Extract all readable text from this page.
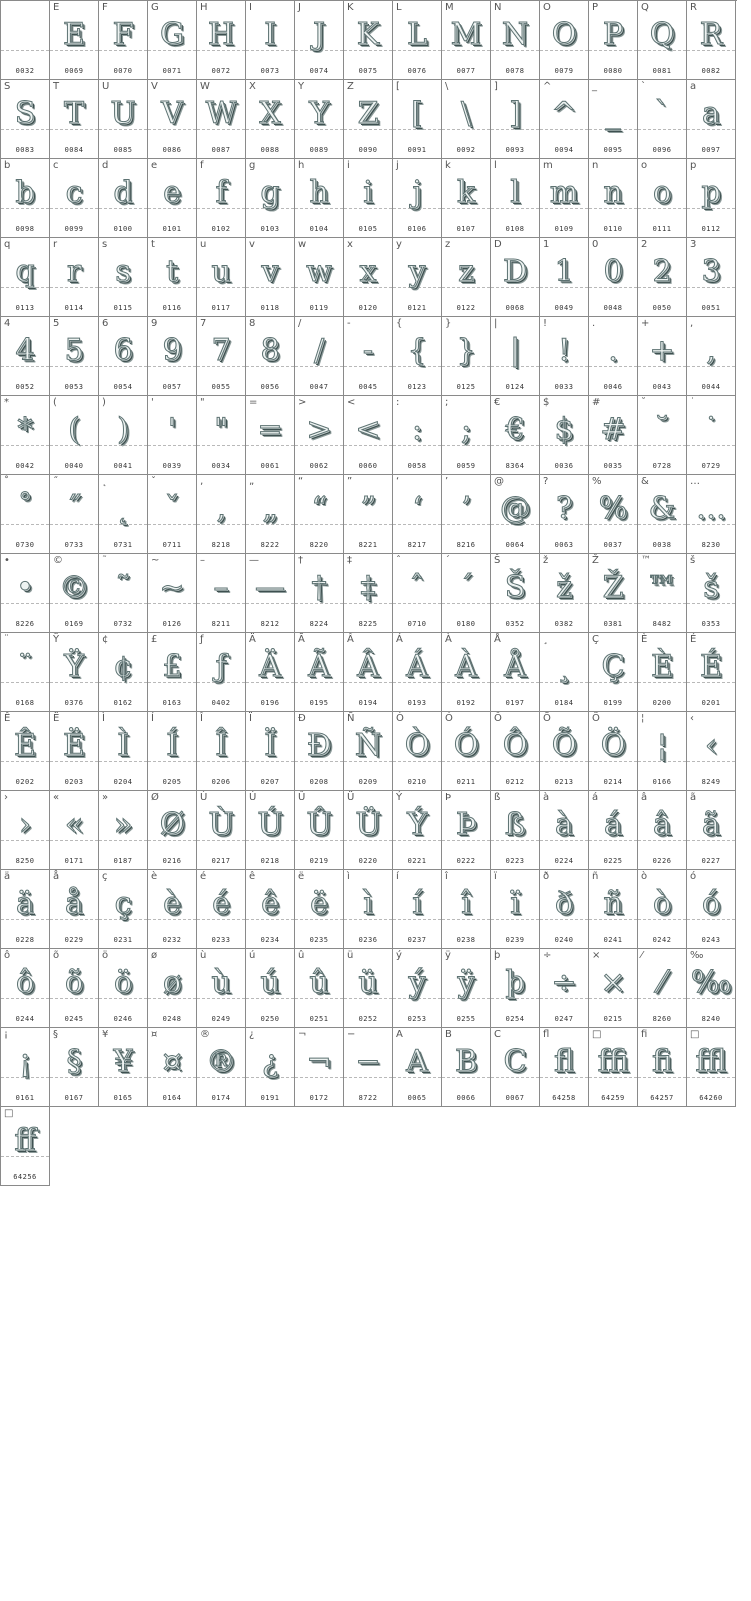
0032
E
E
0069
F
F
0070
G
G
0071
H
H
0072
I
I
0073
J
J
0074
K
K
0075
L
L
0076
M
M
0077
N
N
0078
O
O
0079
P
P
0080
Q
Q
0081
R
R
0082
S
S
0083
T
T
0084
U
U
0085
V
V
0086
W
W
0087
X
X
0088
Y
Y
0089
Z
Z
0090
[
[
0091
\
\
0092
]
]
0093
^
^
0094
_
_
0095
`
`
0096
a
a
0097
b
b
0098
c
c
0099
d
d
0100
e
e
0101
f
f
0102
g
g
0103
h
h
0104
i
i
0105
j
j
0106
k
k
0107
l
l
0108
m
m
0109
n
n
0110
o
o
0111
p
p
0112
q
q
0113
r
r
0114
s
s
0115
t
t
0116
u
u
0117
v
v
0118
w
w
0119
x
x
0120
y
y
0121
z
z
0122
D
D
0068
1
1
0049
0
0
0048
2
2
0050
3
3
0051
4
4
0052
5
5
0053
6
6
0054
9
9
0057
7
7
0055
8
8
0056
/
/
0047
-
-
0045
{
{
0123
}
}
0125
|
|
0124
!
!
0033
.
.
0046
+
+
0043
,
,
0044
*
*
0042
(
(
0040
)
)
0041
'
'
0039
"
"
0034
=
=
0061
>
>
0062
<
<
0060
:
:
0058
;
;
0059
€
€
8364
$
$
0036
#
#
0035
˘
˘
0728
˙
˙
0729
˚
˚
0730
˝
˝
0733
˛
˛
0731
ˇ
ˇ
0711
‚
‚
8218
„
„
8222
“
“
8220
”
”
8221
‘
‘
8217
’
’
8216
@
@
0064
?
?
0063
%
%
0037
&
&
0038
…
…
8230
•
•
8226
©
©
0169
˜
˜
0732
~
~
0126
–
–
8211
—
—
8212
†
†
8224
‡
‡
8225
ˆ
ˆ
0710
´
´
0180
Š
Š
0352
ž
ž
0382
Ž
Ž
0381
™
™
8482
š
š
0353
¨
¨
0168
Ÿ
Ÿ
0376
¢
¢
0162
£
£
0163
ƒ
ƒ
0402
Ä
Ä
0196
Ã
Ã
0195
Â
Â
0194
Á
Á
0193
À
À
0192
Å
Å
0197
¸
¸
0184
Ç
Ç
0199
È
È
0200
É
É
0201
Ê
Ê
0202
Ë
Ë
0203
Ì
Ì
0204
Í
Í
0205
Î
Î
0206
Ï
Ï
0207
Ð
Ð
0208
Ñ
Ñ
0209
Ò
Ò
0210
Ó
Ó
0211
Ô
Ô
0212
Õ
Õ
0213
Ö
Ö
0214
¦
¦
0166
‹
‹
8249
›
›
8250
«
«
0171
»
»
0187
Ø
Ø
0216
Ù
Ù
0217
Ú
Ú
0218
Û
Û
0219
Ü
Ü
0220
Ý
Ý
0221
Þ
Þ
0222
ß
ß
0223
à
à
0224
á
á
0225
â
â
0226
ã
ã
0227
ä
ä
0228
å
å
0229
ç
ç
0231
è
è
0232
é
é
0233
ê
ê
0234
ë
ë
0235
ì
ì
0236
í
í
0237
î
î
0238
ï
ï
0239
ð
ð
0240
ñ
ñ
0241
ò
ò
0242
ó
ó
0243
ô
ô
0244
õ
õ
0245
ö
ö
0246
ø
ø
0248
ù
ù
0249
ú
ú
0250
û
û
0251
ü
ü
0252
ý
ý
0253
ÿ
ÿ
0255
þ
þ
0254
÷
÷
0247
×
×
0215
⁄
⁄
8260
‰
‰
8240
¡
¡
0161
§
§
0167
¥
¥
0165
¤
¤
0164
®
®
0174
¿
¿
0191
¬
¬
0172
−
−
8722
A
A
0065
B
B
0066
C
C
0067
ﬂ
ﬂ
64258
□
ﬃ
64259
ﬁ
ﬁ
64257
□
ﬄ
64260
□
ﬀ
64256
